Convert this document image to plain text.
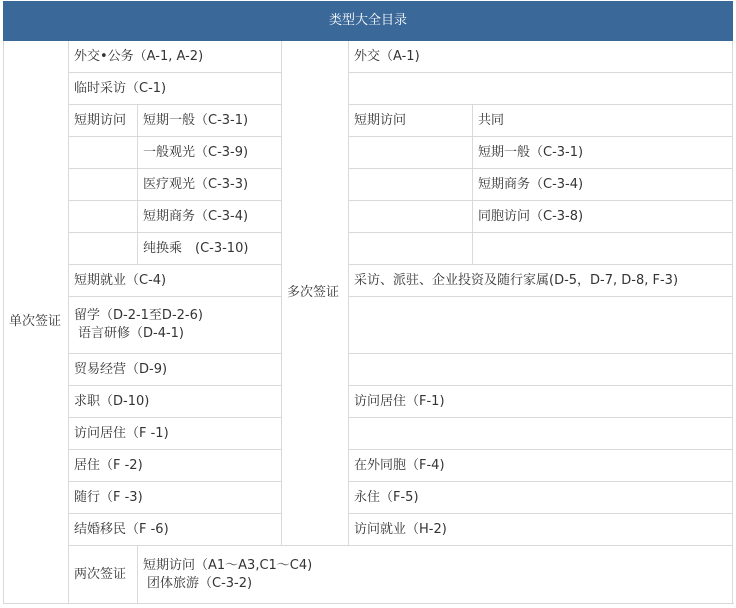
类型大全目录					
单次签证	外交•公务（A-1, A-2)		多次签证	外交（A-1)	
	临时采访（C-1)				
	短期访问	短期一般（C-3-1)		短期访问	共同
		一般观光（C-3-9)			短期一般（C-3-1)
		医疗观光（C-3-3)			短期商务（C-3-4)
		短期商务（C-3-4)			同胞访问（C-3-8)
		纯换乘　(C-3-10)			
	短期就业（C-4)			采访、派驻、企业投资及随行家属(D-5，D-7, D-8, F-3)	

	留学（D-2-1至D-2-6)
语言研修（D-4-1)				

	贸易经营（D-9)				
	求职（D-10)			访问居住（F-1)	
	访问居住（F -1)				
	居住（F -2)			在外同胞（F-4)	
	随行（F -3)			永住（F-5)	
	结婚移民（F -6)			访问就业（H-2)	
	两次签证	短期访问（A1～A3,C1～C4)
团体旅游（C-3-2)			
